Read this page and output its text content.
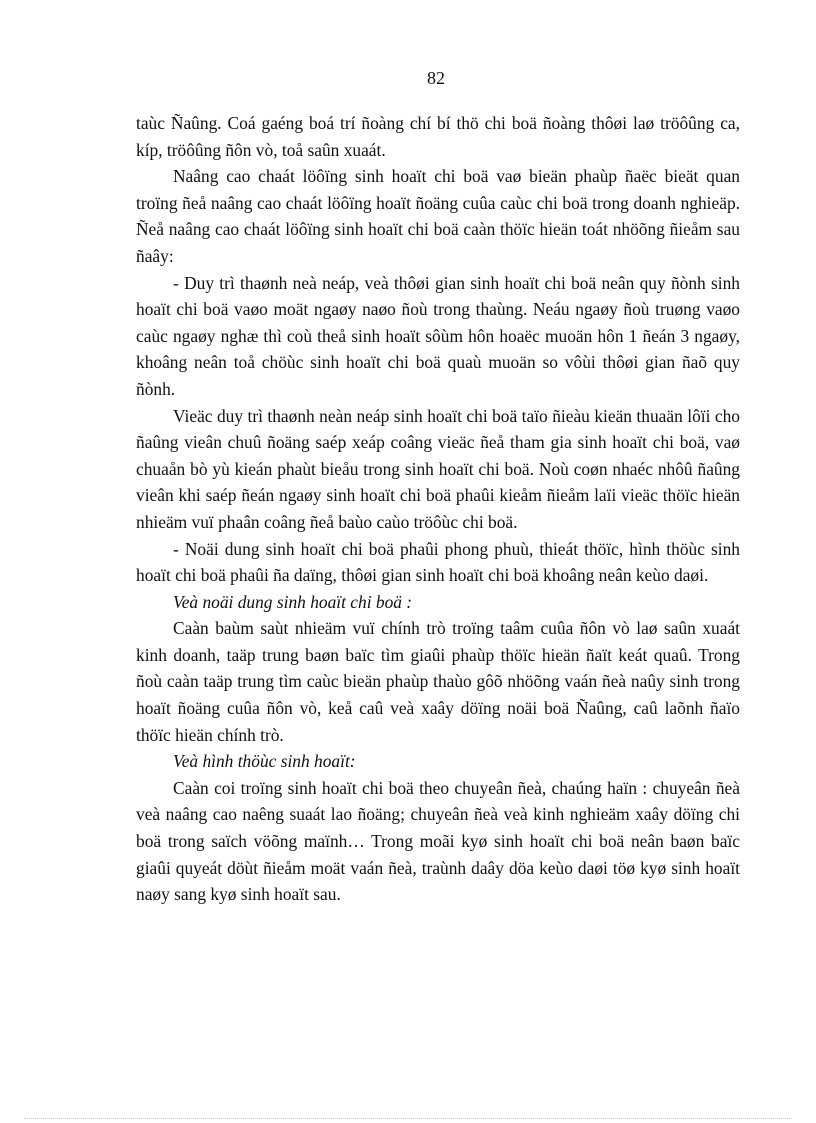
82

taùc Ñaûng. Coá gaéng boá trí ñoàng chí bí thö chi boä ñoàng thôøi laø tröôûng ca, kíp, tröôûng ñôn vò, toå saûn xuaát.

Naâng cao chaát löôïng sinh hoaït chi boä vaø bieän phaùp ñaëc bieät quan troïng ñeå naâng cao chaát löôïng hoaït ñoäng cuûa caùc chi boä trong doanh nghieäp. Ñeå naâng cao chaát löôïng sinh hoaït chi boä caàn thöïc hieän toát nhöõng ñieåm sau ñaây:

- Duy trì thaønh neà neáp, veà thôøi gian sinh hoaït chi boä neân quy ñònh sinh hoaït chi boä vaøo moät ngaøy naøo ñoù trong thaùng. Neáu ngaøy ñoù truøng vaøo caùc ngaøy nghæ thì coù theå sinh hoaït sôùm hôn hoaëc muoän hôn 1 ñeán 3 ngaøy, khoâng neân toå chöùc sinh hoaït chi boä quaù muoän so vôùi thôøi gian ñaõ quy ñònh.

Vieäc duy trì thaønh neàn neáp sinh hoaït chi boä taïo ñieàu kieän thuaän lôïi cho ñaûng vieân chuû ñoäng saép xeáp coâng vieäc ñeå tham gia sinh hoaït chi boä, vaø chuaån bò yù kieán phaùt bieåu trong sinh hoaït chi boä. Noù coøn nhaéc nhôû ñaûng vieân khi saép ñeán ngaøy sinh hoaït chi boä phaûi kieåm ñieåm laïi vieäc thöïc hieän nhieäm vuï phaân coâng ñeå baùo caùo tröôùc chi boä.

- Noäi dung sinh hoaït chi boä phaûi phong phuù, thieát thöïc, hình thöùc sinh hoaït chi boä phaûi ña daïng, thôøi gian sinh hoaït chi boä khoâng neân keùo daøi.

Veà noäi dung sinh hoaït chi boä :

Caàn baùm saùt nhieäm vuï chính trò troïng taâm cuûa ñôn vò laø saûn xuaát kinh doanh, taäp trung baøn baïc tìm giaûi phaùp thöïc hieän ñaït keát quaû. Trong ñoù caàn taäp trung tìm caùc bieän phaùp thaùo gôõ nhöõng vaán ñeà naûy sinh trong hoaït ñoäng cuûa ñôn vò, keå caû veà xaây döïng noäi boä Ñaûng, caû laõnh ñaïo thöïc hieän chính trò.

Veà hình thöùc sinh hoaït:

Caàn coi troïng sinh hoaït chi boä theo chuyeân ñeà, chaúng haïn : chuyeân ñeà veà naâng cao naêng suaát lao ñoäng; chuyeân ñeà veà kinh nghieäm xaây döïng chi boä trong saïch vöõng maïnh… Trong moãi kyø sinh hoaït chi boä neân baøn baïc giaûi quyeát döùt ñieåm moät vaán ñeà, traùnh daây döa keùo daøi töø kyø sinh hoaït naøy sang kyø sinh hoaït sau.
